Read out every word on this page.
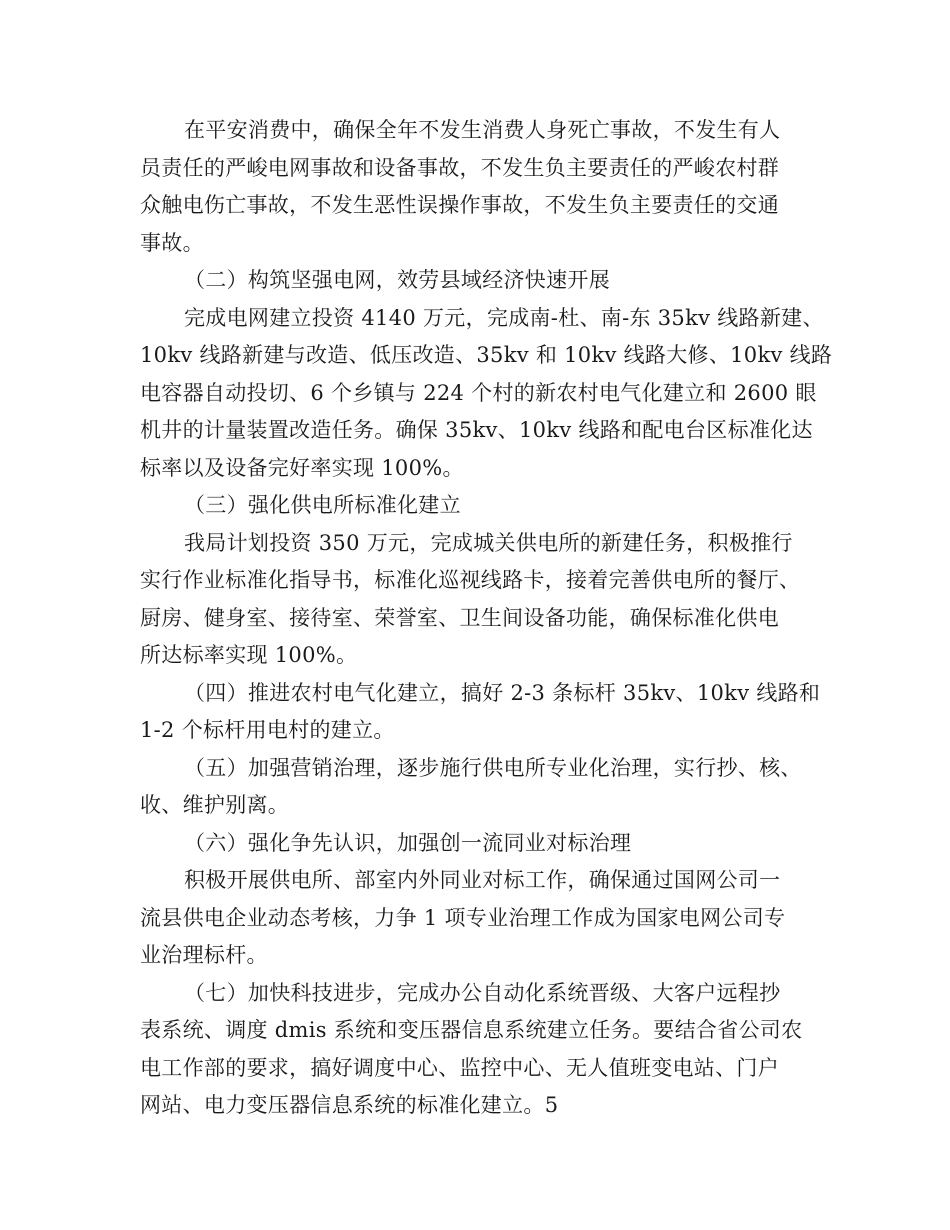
在平安消费中，确保全年不发生消费人身死亡事故，不发生有人
员责任的严峻电网事故和设备事故，不发生负主要责任的严峻农村群
众触电伤亡事故，不发生恶性误操作事故，不发生负主要责任的交通
事故。
（二）构筑坚强电网，效劳县域经济快速开展
完成电网建立投资 4140 万元，完成南-杜、南-东 35kv 线路新建、
10kv 线路新建与改造、低压改造、35kv 和 10kv 线路大修、10kv 线路
电容器自动投切、6 个乡镇与 224 个村的新农村电气化建立和 2600 眼
机井的计量装置改造任务。确保 35kv、10kv 线路和配电台区标准化达
标率以及设备完好率实现 100%。
（三）强化供电所标准化建立
我局计划投资 350 万元，完成城关供电所的新建任务，积极推行
实行作业标准化指导书，标准化巡视线路卡，接着完善供电所的餐厅、
厨房、健身室、接待室、荣誉室、卫生间设备功能，确保标准化供电
所达标率实现 100%。
（四）推进农村电气化建立，搞好 2-3 条标杆 35kv、10kv 线路和
1-2 个标杆用电村的建立。
（五）加强营销治理，逐步施行供电所专业化治理，实行抄、核、
收、维护别离。
（六）强化争先认识，加强创一流同业对标治理
积极开展供电所、部室内外同业对标工作，确保通过国网公司一
流县供电企业动态考核，力争 1 项专业治理工作成为国家电网公司专
业治理标杆。
（七）加快科技进步，完成办公自动化系统晋级、大客户远程抄
表系统、调度 dmis 系统和变压器信息系统建立任务。要结合省公司农
电工作部的要求，搞好调度中心、监控中心、无人值班变电站、门户
网站、电力变压器信息系统的标准化建立。5
